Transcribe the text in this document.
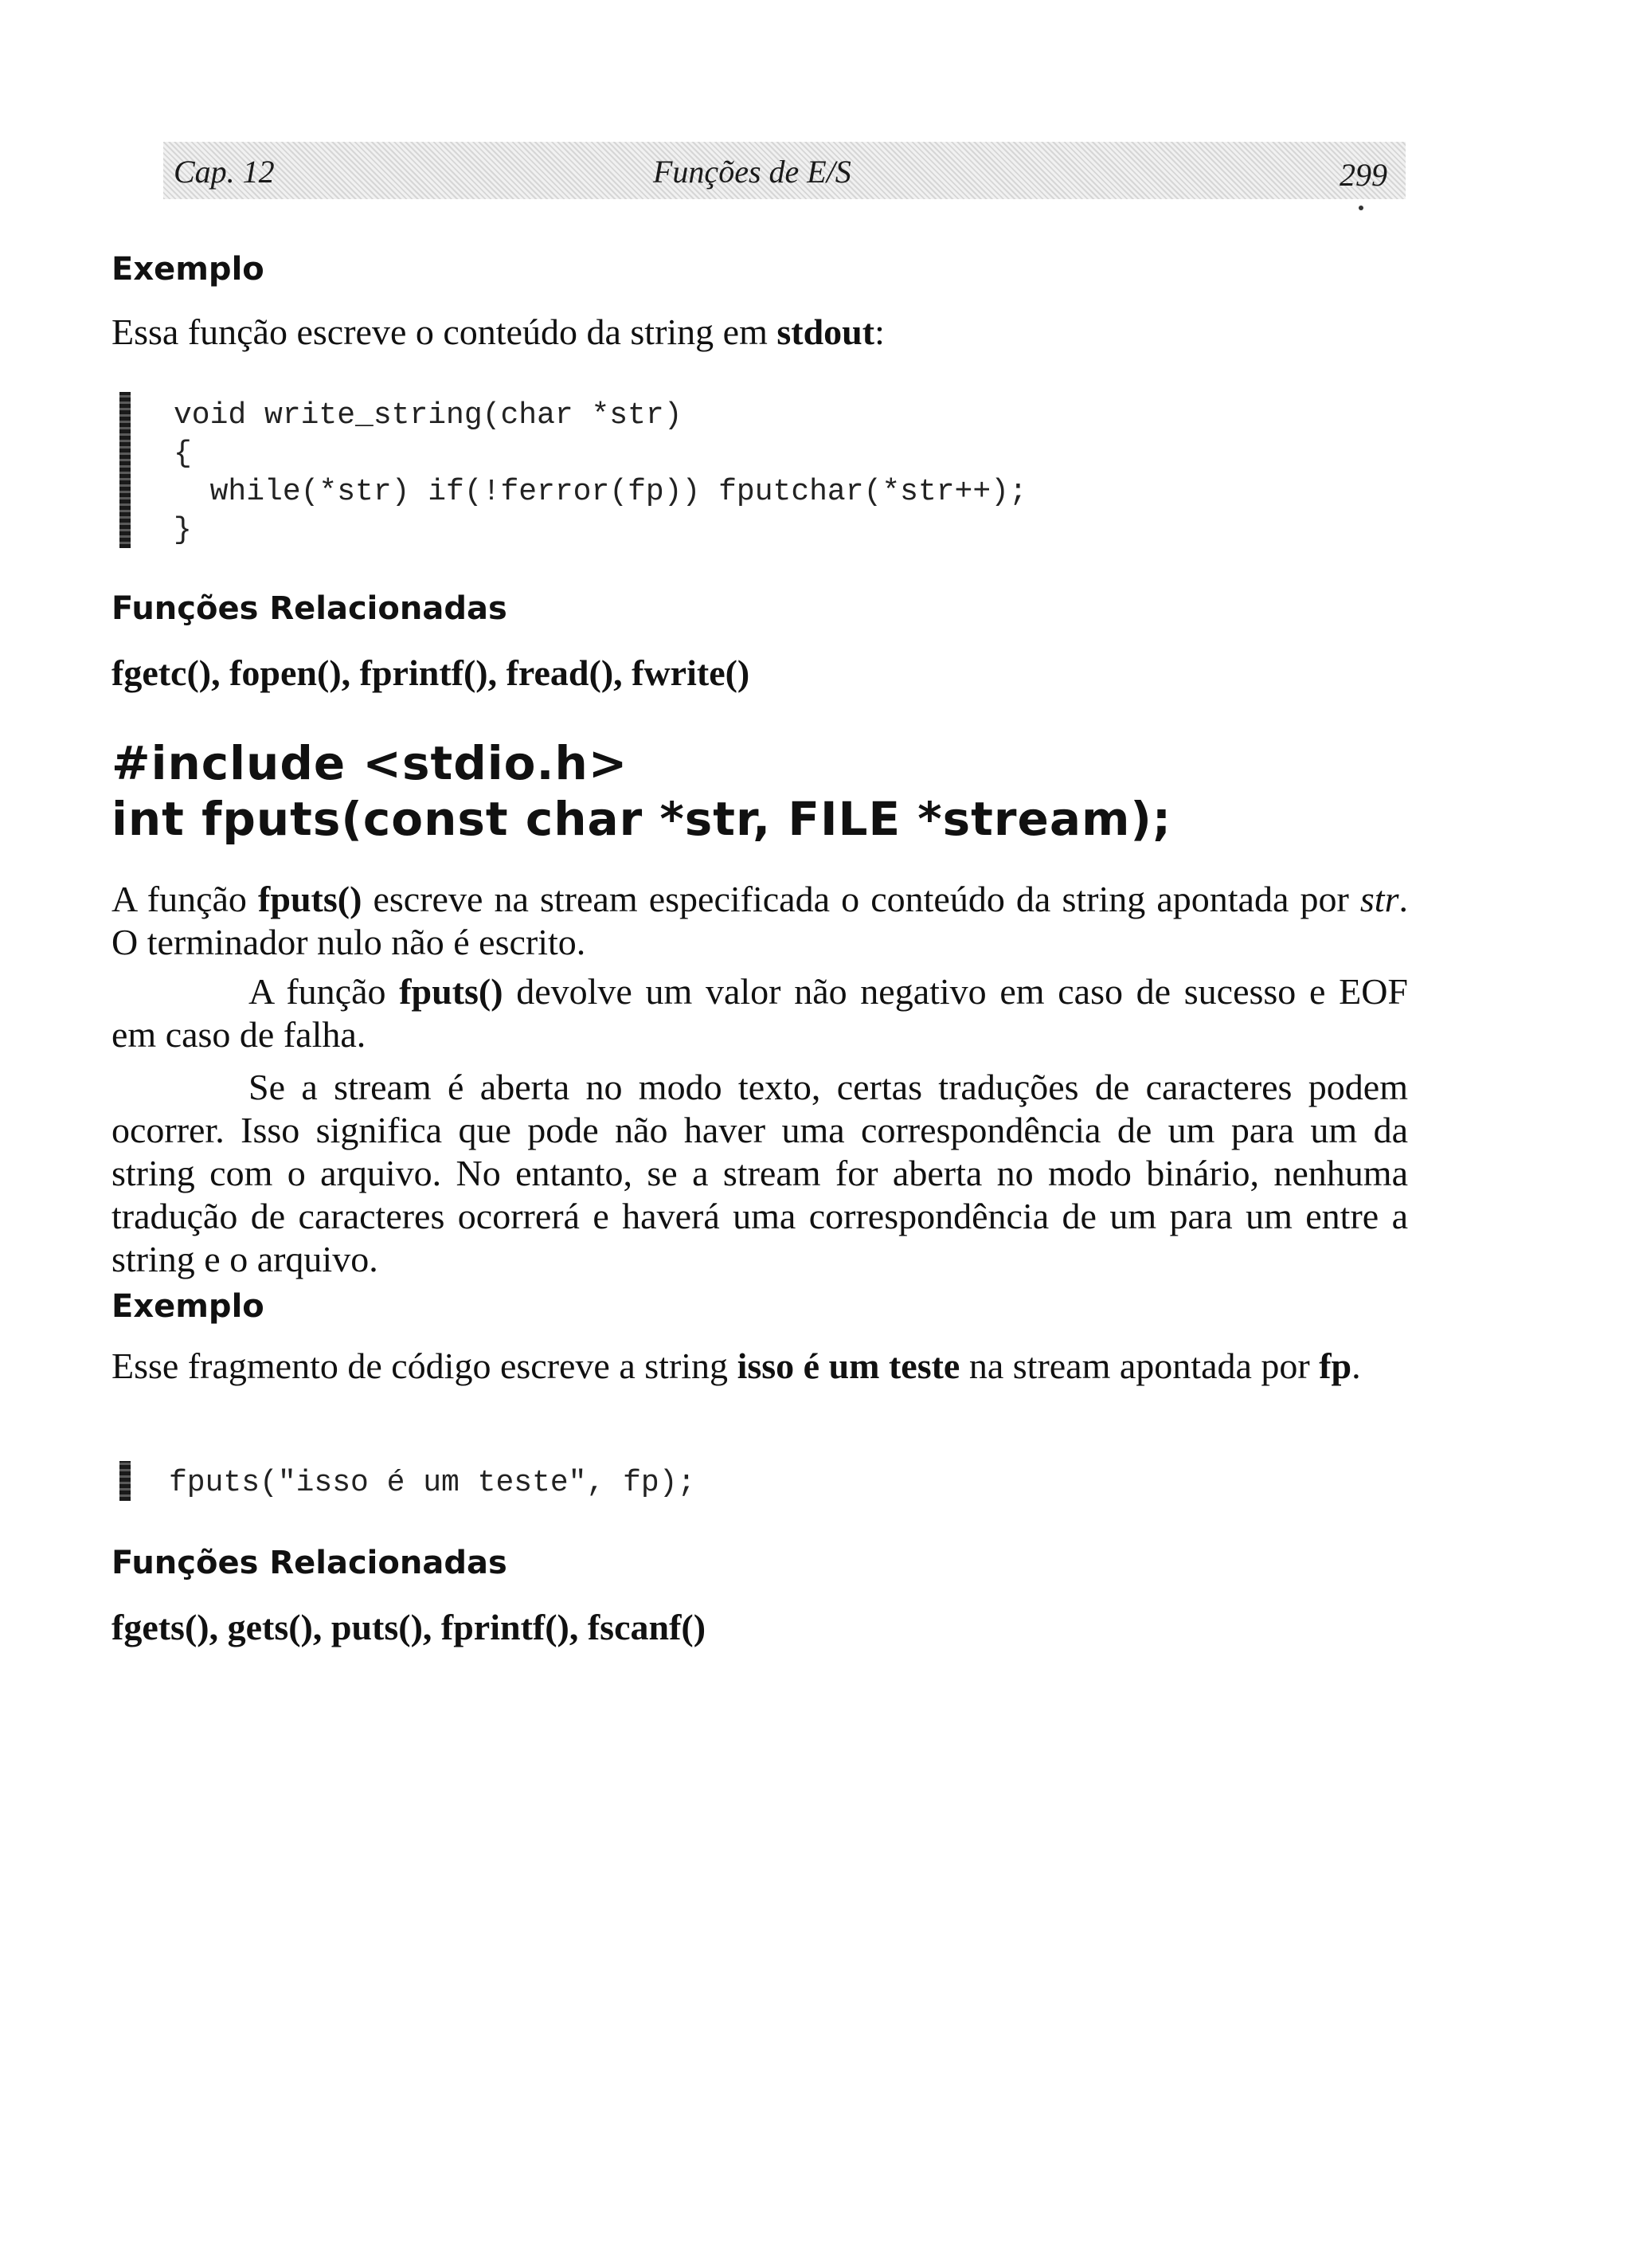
Cap. 12	Funções de E/S	299
Exemplo
Essa função escreve o conteúdo da string em stdout:
void write_string(char *str)
{
while(*str) if(!ferror(fp)) fputchar(*str++);
}
Funções Relacionadas
fgetc(), fopen(), fprintf(), fread(), fwrite()
#include <stdio.h>
int fputs(const char *str, FILE *stream);
A função fputs() escreve na stream especificada o conteúdo da string apontada por str. O terminador nulo não é escrito.
A função fputs() devolve um valor não negativo em caso de sucesso e EOF em caso de falha.
Se a stream é aberta no modo texto, certas traduções de caracteres podem ocorrer. Isso significa que pode não haver uma correspondência de um para um da string com o arquivo. No entanto, se a stream for aberta no modo binário, nenhuma tradução de caracteres ocorrerá e haverá uma correspondência de um para um entre a string e o arquivo.
Exemplo
Esse fragmento de código escreve a string isso é um teste na stream apontada por fp.
fputs("isso é um teste", fp);
Funções Relacionadas
fgets(), gets(), puts(), fprintf(), fscanf()
